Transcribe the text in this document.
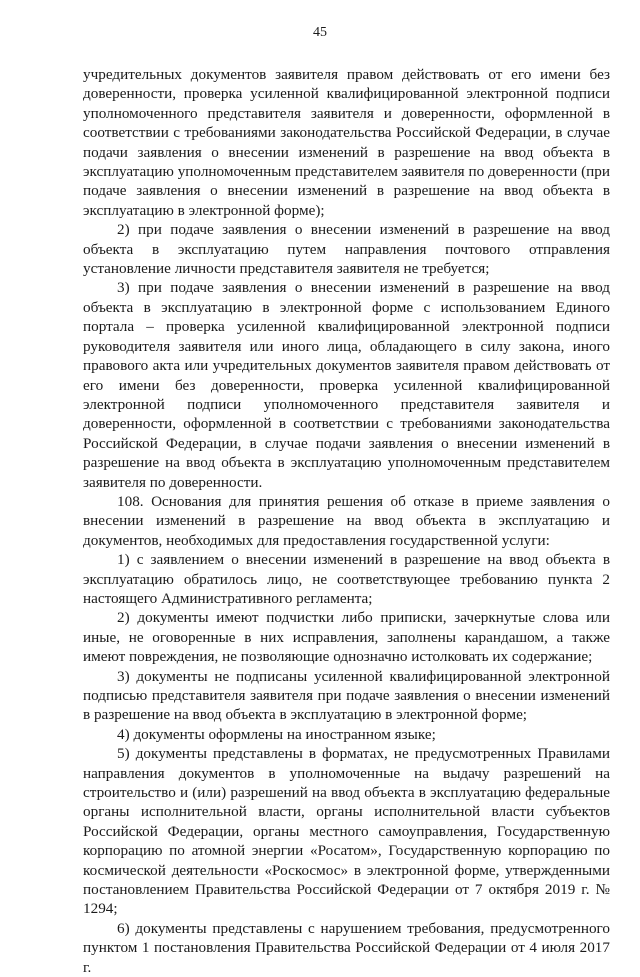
45

учредительных документов заявителя правом действовать от его имени без доверенности, проверка усиленной квалифицированной электронной подписи уполномоченного представителя заявителя и доверенности, оформленной в соответствии с требованиями законодательства Российской Федерации, в случае подачи заявления о внесении изменений в разрешение на ввод объекта в эксплуатацию уполномоченным представителем заявителя по доверенности (при подаче заявления о внесении изменений в разрешение на ввод объекта в эксплуатацию в электронной форме);

2) при подаче заявления о внесении изменений в разрешение на ввод объекта в эксплуатацию путем направления почтового отправления установление личности представителя заявителя не требуется;

3) при подаче заявления о внесении изменений в разрешение на ввод объекта в эксплуатацию в электронной форме с использованием Единого портала – проверка усиленной квалифицированной электронной подписи руководителя заявителя или иного лица, обладающего в силу закона, иного правового акта или учредительных документов заявителя правом действовать от его имени без доверенности, проверка усиленной квалифицированной электронной подписи уполномоченного представителя заявителя и доверенности, оформленной в соответствии с требованиями законодательства Российской Федерации, в случае подачи заявления о внесении изменений в разрешение на ввод объекта в эксплуатацию уполномоченным представителем заявителя по доверенности.

108. Основания для принятия решения об отказе в приеме заявления о внесении изменений в разрешение на ввод объекта в эксплуатацию и документов, необходимых для предоставления государственной услуги:

1) с заявлением о внесении изменений в разрешение на ввод объекта в эксплуатацию обратилось лицо, не соответствующее требованию пункта 2 настоящего Административного регламента;

2) документы имеют подчистки либо приписки, зачеркнутые слова или иные, не оговоренные в них исправления, заполнены карандашом, а также имеют повреждения, не позволяющие однозначно истолковать их содержание;

3) документы не подписаны усиленной квалифицированной электронной подписью представителя заявителя при подаче заявления о внесении изменений в разрешение на ввод объекта в эксплуатацию в электронной форме;

4) документы оформлены на иностранном языке;

5) документы представлены в форматах, не предусмотренных Правилами направления документов в уполномоченные на выдачу разрешений на строительство и (или) разрешений на ввод объекта в эксплуатацию федеральные органы исполнительной власти, органы исполнительной власти субъектов Российской Федерации, органы местного самоуправления, Государственную корпорацию по атомной энергии «Росатом», Государственную корпорацию по космической деятельности «Роскосмос» в электронной форме, утвержденными постановлением Правительства Российской Федерации от 7 октября 2019 г. № 1294;

6) документы представлены с нарушением требования, предусмотренного пунктом 1 постановления Правительства Российской Федерации от 4 июля 2017 г.
